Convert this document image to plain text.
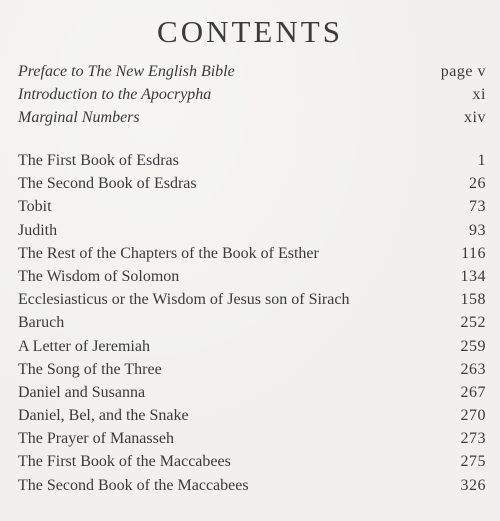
CONTENTS
Preface to The New English Bible	page v
Introduction to the Apocrypha	xi
Marginal Numbers	xiv
The First Book of Esdras	1
The Second Book of Esdras	26
Tobit	73
Judith	93
The Rest of the Chapters of the Book of Esther	116
The Wisdom of Solomon	134
Ecclesiasticus or the Wisdom of Jesus son of Sirach	158
Baruch	252
A Letter of Jeremiah	259
The Song of the Three	263
Daniel and Susanna	267
Daniel, Bel, and the Snake	270
The Prayer of Manasseh	273
The First Book of the Maccabees	275
The Second Book of the Maccabees	326
